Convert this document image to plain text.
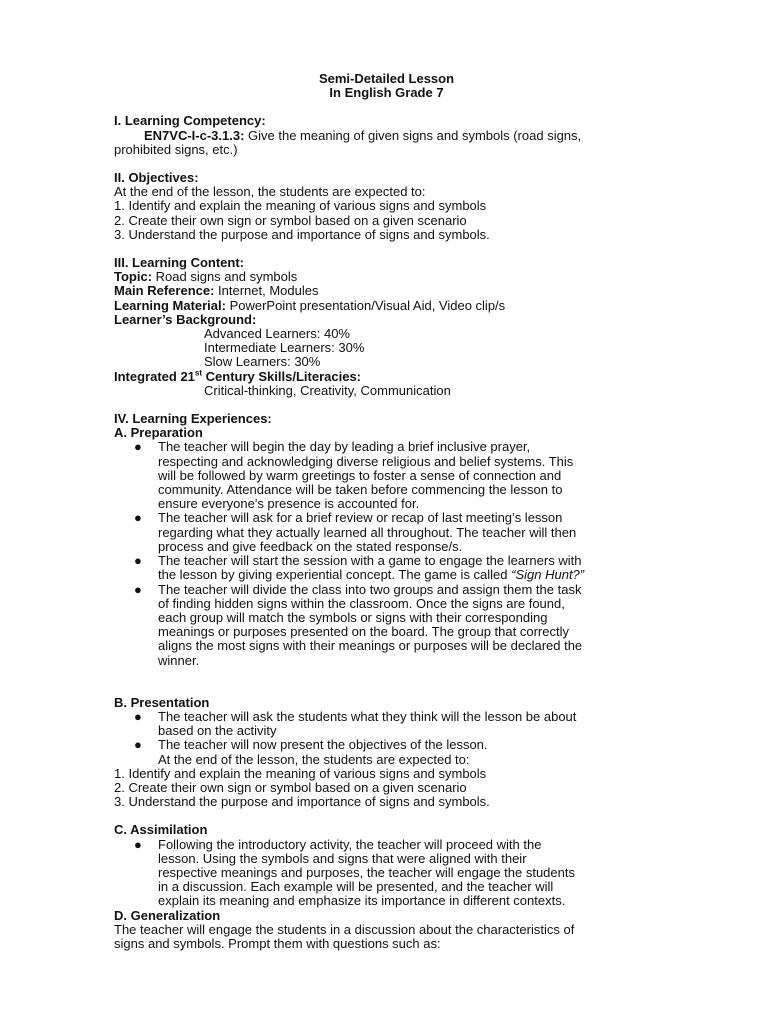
Semi-Detailed Lesson

In English Grade 7

I. Learning Competency:

EN7VC-I-c-3.1.3: Give the meaning of given signs and symbols (road signs,

prohibited signs, etc.)

II. Objectives:

At the end of the lesson, the students are expected to:

1. Identify and explain the meaning of various signs and symbols

2. Create their own sign or symbol based on a given scenario

3. Understand the purpose and importance of signs and symbols.

III. Learning Content:

Topic: Road signs and symbols

Main Reference: Internet, Modules

Learning Material: PowerPoint presentation/Visual Aid, Video clip/s

Learner’s Background:

Advanced Learners: 40%

Intermediate Learners: 30%

Slow Learners: 30%

Integrated 21st Century Skills/Literacies:

Critical-thinking, Creativity, Communication

IV. Learning Experiences:

A. Preparation

● The teacher will begin the day by leading a brief inclusive prayer,
respecting and acknowledging diverse religious and belief systems. This
will be followed by warm greetings to foster a sense of connection and
community. Attendance will be taken before commencing the lesson to
ensure everyone's presence is accounted for.
● The teacher will ask for a brief review or recap of last meeting’s lesson
regarding what they actually learned all throughout. The teacher will then
process and give feedback on the stated response/s.
● The teacher will start the session with a game to engage the learners with
the lesson by giving experiential concept. The game is called “Sign Hunt?”
● The teacher will divide the class into two groups and assign them the task
of finding hidden signs within the classroom. Once the signs are found,
each group will match the symbols or signs with their corresponding
meanings or purposes presented on the board. The group that correctly
aligns the most signs with their meanings or purposes will be declared the
winner.

B. Presentation

● The teacher will ask the students what they think will the lesson be about
based on the activity
● The teacher will now present the objectives of the lesson.
At the end of the lesson, the students are expected to:

1. Identify and explain the meaning of various signs and symbols

2. Create their own sign or symbol based on a given scenario

3. Understand the purpose and importance of signs and symbols.

C. Assimilation

● Following the introductory activity, the teacher will proceed with the
lesson. Using the symbols and signs that were aligned with their
respective meanings and purposes, the teacher will engage the students
in a discussion. Each example will be presented, and the teacher will
explain its meaning and emphasize its importance in different contexts.

D. Generalization

The teacher will engage the students in a discussion about the characteristics of

signs and symbols. Prompt them with questions such as:
